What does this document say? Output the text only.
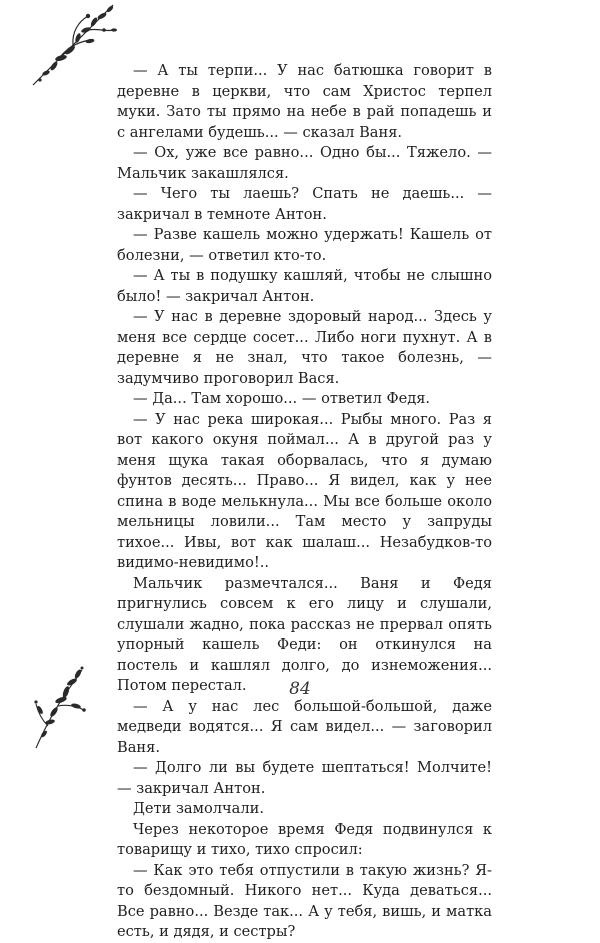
— А ты терпи... У нас батюшка говорит в деревне в церкви, что сам Христос терпел муки. Зато ты прямо на небе в рай попадешь и с ангелами будешь... — сказал Ваня.

— Ох, уже все равно... Одно бы... Тяжело. — Мальчик закашлялся.

— Чего ты лаешь? Спать не даешь... — закричал в темноте Антон.

— Разве кашель можно удержать! Кашель от болезни, — ответил кто-то.

— А ты в подушку кашляй, чтобы не слышно было! — закричал Антон.

— У нас в деревне здоровый народ... Здесь у меня все сердце сосет... Либо ноги пухнут. А в деревне я не знал, что такое болезнь, — задумчиво проговорил Вася.

— Да... Там хорошо... — ответил Федя.

— У нас река широкая... Рыбы много. Раз я вот какого окуня поймал... А в другой раз у меня щука такая оборвалась, что я думаю фунтов десять... Право... Я видел, как у нее спина в воде мелькнула... Мы все больше около мельницы ловили... Там место у запруды тихое... Ивы, вот как шалаш... Незабудков-то видимо-невидимо!..

Мальчик размечтался... Ваня и Федя пригнулись совсем к его лицу и слушали, слушали жадно, пока рассказ не прервал опять упорный кашель Феди: он откинулся на постель и кашлял долго, до изнеможения... Потом перестал.

— А у нас лес большой-большой, даже медведи водятся... Я сам видел... — заговорил Ваня.

— Долго ли вы будете шептаться! Молчите! — закричал Антон.

Дети замолчали.

Через некоторое время Федя подвинулся к товарищу и тихо, тихо спросил:

— Как это тебя отпустили в такую жизнь? Я-то бездомный. Никого нет... Куда деваться... Все равно... Везде так... А у тебя, вишь, и матка есть, и дядя, и сестры?

84
